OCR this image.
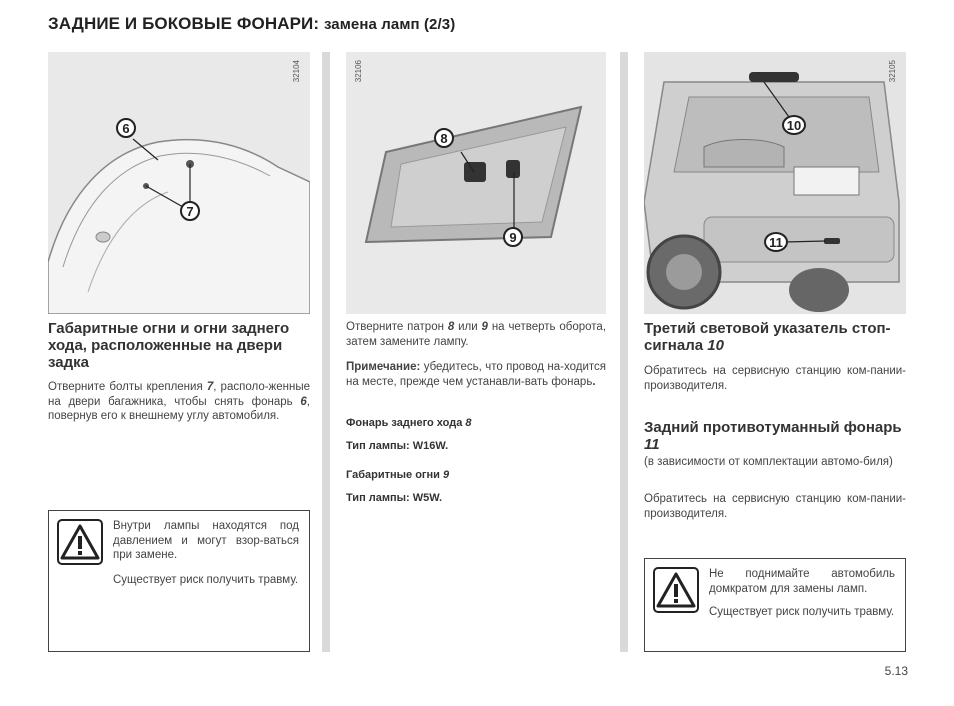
ЗАДНИЕ И БОКОВЫЕ ФОНАРИ: замена ламп (2/3)
32104
6
7
Габаритные огни и огни заднего хода, расположенные на двери задка

Отверните болты крепления 7, располо-женные на двери багажника, чтобы снять фонарь 6, повернув его к внешнему углу автомобиля.

Внутри лампы находятся под давлением и могут взор-ваться при замене.

Существует риск получить травму.

32106
8
9

Отверните патрон 8 или 9 на четверть оборота, затем замените лампу.

Примечание: убедитесь, что провод на-ходится на месте, прежде чем устанавли-вать фонарь.

Фонарь заднего хода 8
Тип лампы: W16W.
Габаритные огни 9
Тип лампы: W5W.
32105
10
11
Третий световой указатель стоп-сигнала 10

Обратитесь на сервисную станцию ком-пании-производителя.

Задний противотуманный фонарь 11

(в зависимости от комплектации автомо-биля)

Обратитесь на сервисную станцию ком-пании-производителя.

Не поднимайте автомобиль домкратом для замены ламп.

Существует риск получить травму.

5.13
